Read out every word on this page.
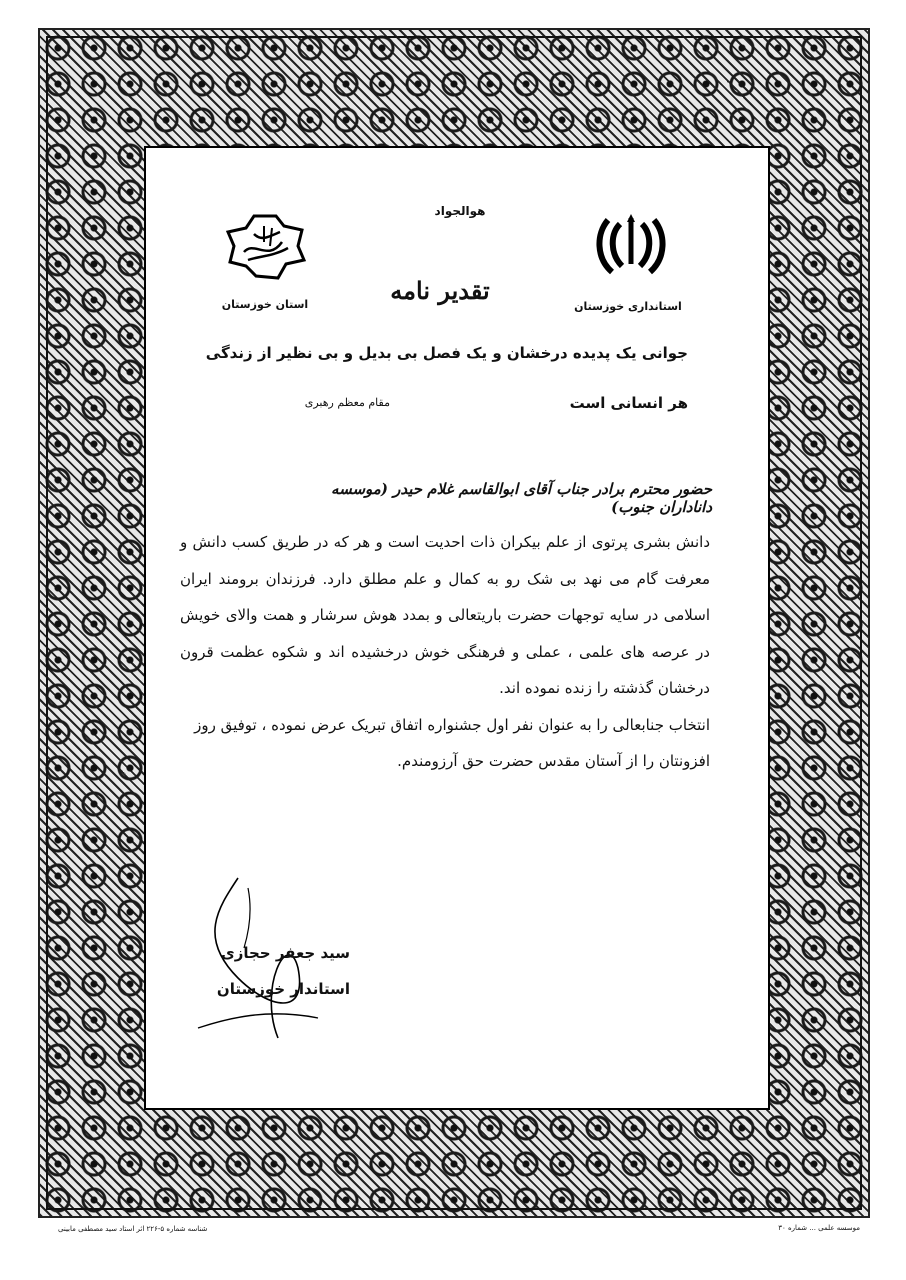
هوالجواد
استانداری خوزستان
تقدیر نامه
استان خوزستان
جوانی یک پدیده درخشان و یک فصل بی بدیل و بی نظیر از زندگی
هر انسانی است
مقام معظم رهبری
حضور محترم برادر جناب آقای ابوالقاسم غلام حیدر (موسسه داناداران جنوب)

دانش بشری پرتوی از علم بیکران ذات احدیت است و هر که در طریق کسب دانش و معرفت گام می نهد بی شک رو به کمال و علم مطلق دارد. فرزندان برومند ایران اسلامی در سایه توجهات حضرت باریتعالی و بمدد هوش سرشار و همت والای خویش در عرصه های علمی ، عملی و فرهنگی خوش درخشیده اند و شکوه عظمت قرون درخشان گذشته را زنده نموده اند.

انتخاب جنابعالی را به عنوان نفر اول جشنواره اتفاق تبریک عرض نموده ، توفیق روز افزونتان را از آستان مقدس حضرت حق آرزومندم.

سید جعفر حجازی
استاندار خوزستان
شناسه شماره ۵-۲۲۶ اثر استاد سید مصطفی مابینی	موسسه علمی ... شماره ۳۰
